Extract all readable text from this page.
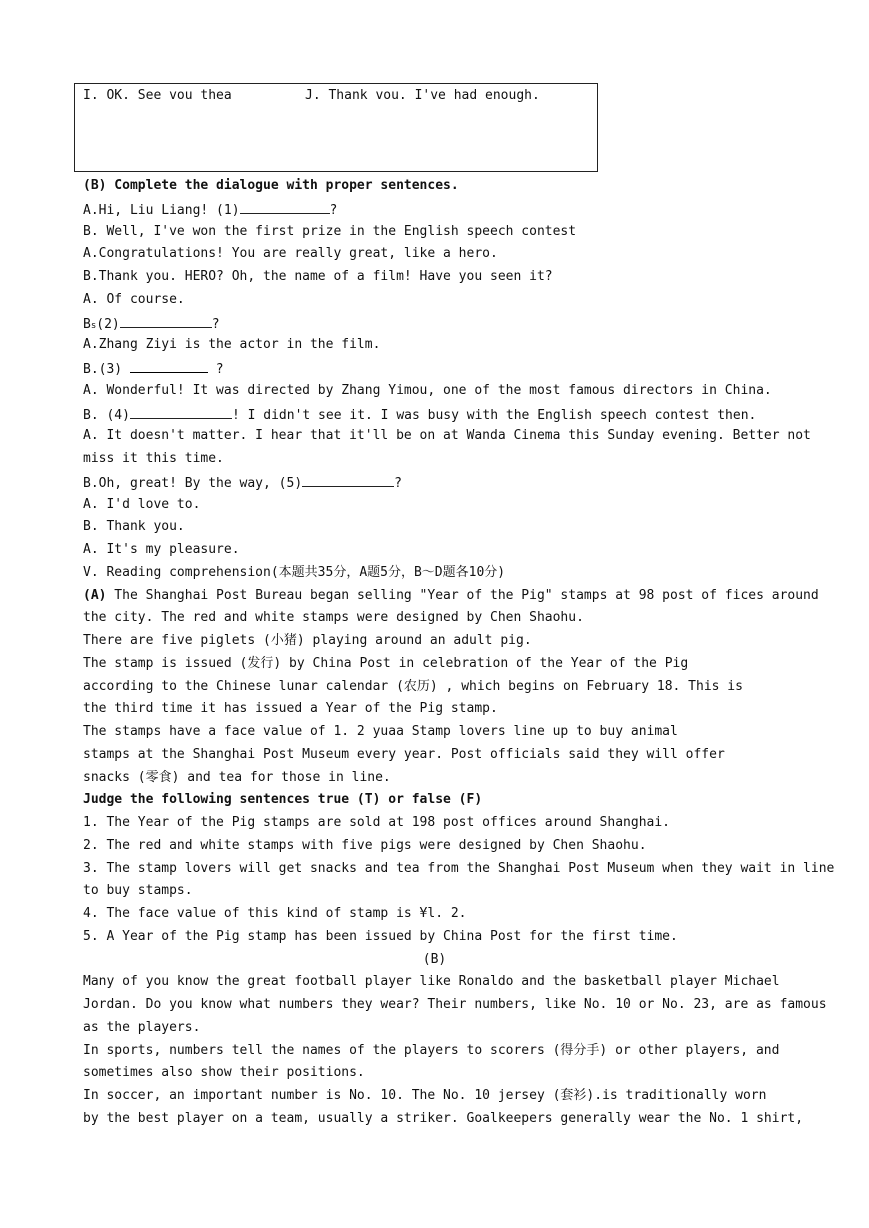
I. OK. See vou thea	J. Thank vou. I've had enough.
(B) Complete the dialogue with proper sentences.
A.Hi, Liu Liang! (1)	?
B. Well, I've won the first prize in the English speech contest
A.Congratulations! You are really great, like a hero.
B.Thank you. HERO? Oh, the name of a film! Have you seen it?
A. Of course.
Bs(2)	?
A.Zhang Ziyi is the actor in the film.
B.(3)	?
A. Wonderful! It was directed by Zhang Yimou, one of the most famous directors in China.
B. (4)	! I didn't see it. I was busy with the English speech contest then.
A. It doesn't matter. I hear that it'll be on at Wanda Cinema this Sunday evening. Better not
miss it this time.
B.Oh, great! By the way, (5)	?
A. I'd love to.
B. Thank you.
A. It's my pleasure.
V. Reading comprehension(本题共35分，A题5分，B～D题各10分)
(A) The Shanghai Post Bureau began selling "Year of the Pig" stamps at 98 post of fices around
the city. The red and white stamps were designed by Chen Shaohu.
There are five piglets (小猪) playing around an adult pig.
The stamp is issued (发行) by China Post in celebration of the Year of the Pig
according to the Chinese lunar calendar (农历) , which begins on February 18. This is
the third time it has issued a Year of the Pig stamp.
The stamps have a face value of 1. 2 yuaa Stamp lovers line up to buy animal
stamps at the Shanghai Post Museum every year. Post officials said they will offer
snacks (零食) and tea for those in line.
Judge the following sentences true (T) or false (F)
1. The Year of the Pig stamps are sold at 198 post offices around Shanghai.
2. The red and white stamps with five pigs were designed by Chen Shaohu.
3. The stamp lovers will get snacks and tea from the Shanghai Post Museum when they wait in line
to buy stamps.
4. The face value of this kind of stamp is ¥l. 2.
5. A Year of the Pig stamp has been issued by China Post for the first time.
(B)
Many of you know the great football player like Ronaldo and the basketball player Michael
Jordan. Do you know what numbers they wear? Their numbers, like No. 10 or No. 23, are as famous
as the players.
In sports, numbers tell the names of the players to scorers (得分手) or other players, and
sometimes also show their positions.
In soccer, an important number is No. 10. The No. 10 jersey (套衫).is traditionally worn
by the best player on a team, usually a striker. Goalkeepers generally wear the No. 1 shirt,
